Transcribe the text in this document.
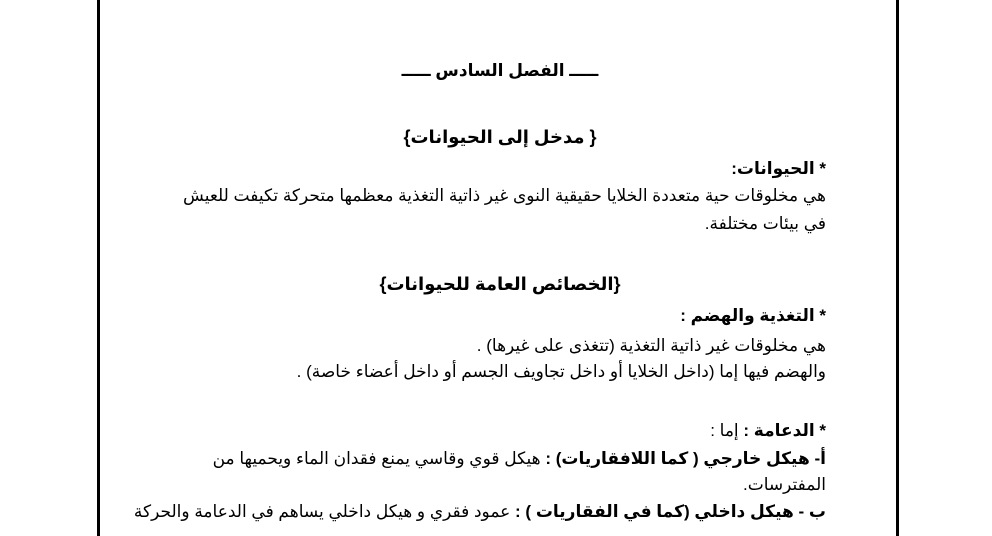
ـــــ الفصل السادس ـــــ
{ مدخل إلى الحيوانات}
* الحيوانات:
هي مخلوقات حية متعددة الخلايا حقيقية النوى غير ذاتية التغذية معظمها متحركة تكيفت للعيش
في بيئات مختلفة.
{الخصائص العامة للحيوانات}
* التغذية والهضم :
هي مخلوقات غير ذاتية التغذية (تتغذى على غيرها) .
والهضم فيها إما (داخل الخلايا أو داخل تجاويف الجسم أو داخل أعضاء خاصة) .
* الدعامة : إما :
أ- هيكل خارجي ( كما اللافقاريات) : هيكل قوي وقاسي يمنع فقدان الماء ويحميها من
المفترسات.
ب - هيكل داخلي (كما في الفقاريات ) : عمود فقري و هيكل داخلي يساهم في الدعامة والحركة
